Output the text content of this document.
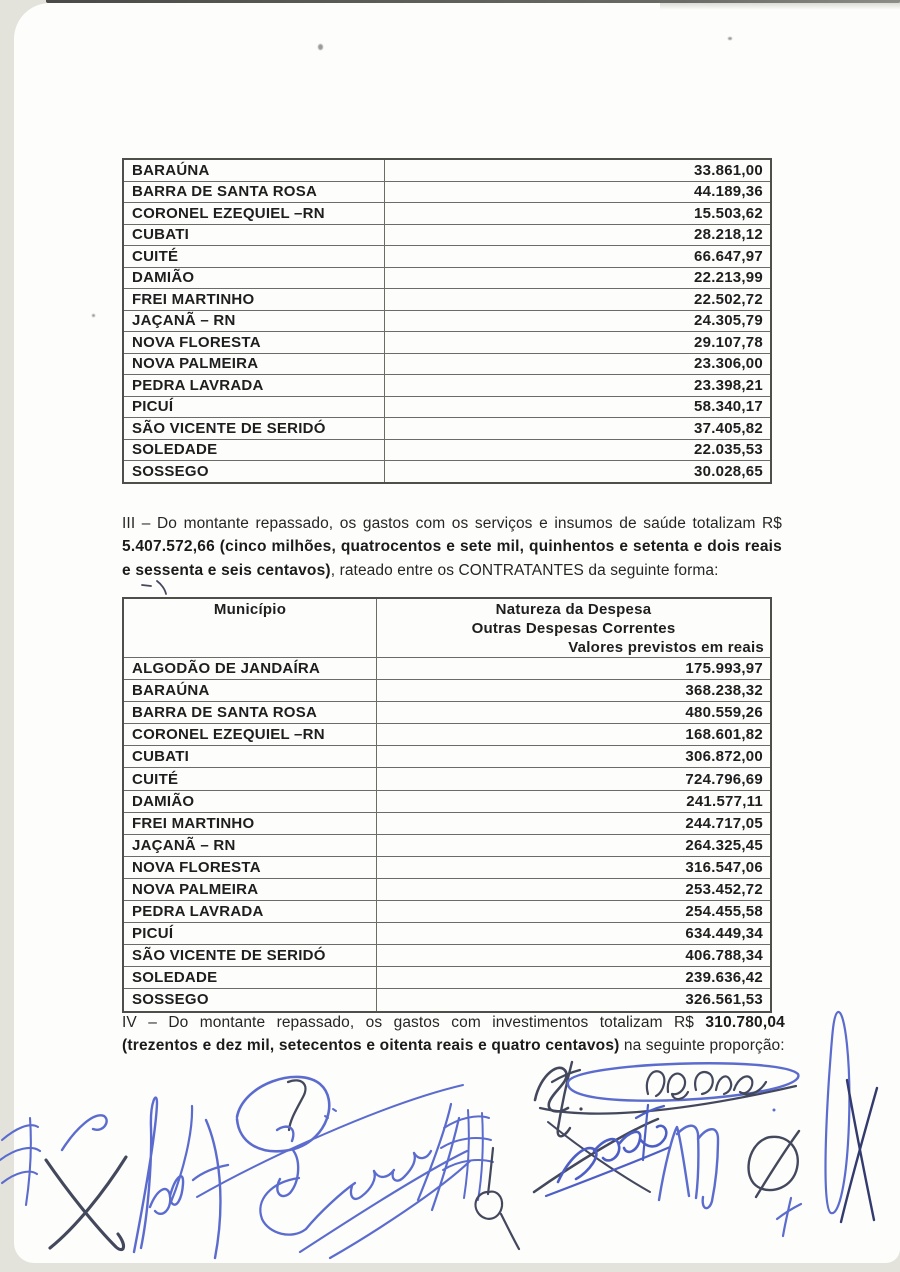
BARAÚNA	33.861,00
BARRA DE SANTA ROSA	44.189,36
CORONEL EZEQUIEL –RN	15.503,62
CUBATI	28.218,12
CUITÉ	66.647,97
DAMIÃO	22.213,99
FREI MARTINHO	22.502,72
JAÇANÃ – RN	24.305,79
NOVA FLORESTA	29.107,78
NOVA PALMEIRA	23.306,00
PEDRA LAVRADA	23.398,21
PICUÍ	58.340,17
SÃO VICENTE DE SERIDÓ	37.405,82
SOLEDADE	22.035,53
SOSSEGO	30.028,65

III – Do montante repassado, os gastos com os serviços e insumos de saúde totalizam R$ 5.407.572,66 (cinco milhões, quatrocentos e sete mil, quinhentos e setenta e dois reais e sessenta e seis centavos), rateado entre os CONTRATANTES da seguinte forma:

Município	Natureza da Despesa
Outras Despesas Correntes
Valores previstos em reais

ALGODÃO DE JANDAÍRA	175.993,97
BARAÚNA	368.238,32
BARRA DE SANTA ROSA	480.559,26
CORONEL EZEQUIEL –RN	168.601,82
CUBATI	306.872,00
CUITÉ	724.796,69
DAMIÃO	241.577,11
FREI MARTINHO	244.717,05
JAÇANÃ – RN	264.325,45
NOVA FLORESTA	316.547,06
NOVA PALMEIRA	253.452,72
PEDRA LAVRADA	254.455,58
PICUÍ	634.449,34
SÃO VICENTE DE SERIDÓ	406.788,34
SOLEDADE	239.636,42
SOSSEGO	326.561,53

IV – Do montante repassado, os gastos com investimentos totalizam R$ 310.780,04 (trezentos e dez mil, setecentos e oitenta reais e quatro centavos) na seguinte proporção:
